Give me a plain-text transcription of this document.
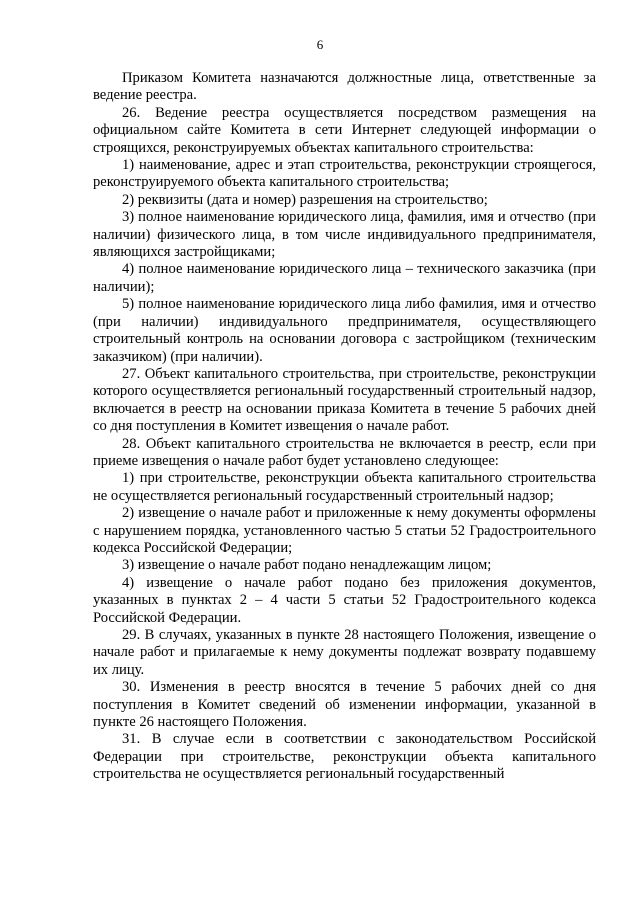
6

Приказом Комитета назначаются должностные лица, ответственные за ведение реестра.

26. Ведение реестра осуществляется посредством размещения на официальном сайте Комитета в сети Интернет следующей информации о строящихся, реконструируемых объектах капитального строительства:

1) наименование, адрес и этап строительства, реконструкции строящегося, реконструируемого объекта капитального строительства;

2) реквизиты (дата и номер) разрешения на строительство;

3) полное наименование юридического лица, фамилия, имя и отчество (при наличии) физического лица, в том числе индивидуального предпринимателя, являющихся застройщиками;

4) полное наименование юридического лица – технического заказчика (при наличии);

5) полное наименование юридического лица либо фамилия, имя и отчество (при наличии) индивидуального предпринимателя, осуществляющего строительный контроль на основании договора с застройщиком (техническим заказчиком) (при наличии).

27. Объект капитального строительства, при строительстве, реконструкции которого осуществляется региональный государственный строительный надзор, включается в реестр на основании приказа Комитета в течение 5 рабочих дней со дня поступления в Комитет извещения о начале работ.

28. Объект капитального строительства не включается в реестр, если при приеме извещения о начале работ будет установлено следующее:

1) при строительстве, реконструкции объекта капитального строительства не осуществляется региональный государственный строительный надзор;

2) извещение о начале работ и приложенные к нему документы оформлены с нарушением порядка, установленного частью 5 статьи 52 Градостроительного кодекса Российской Федерации;

3) извещение о начале работ подано ненадлежащим лицом;

4) извещение о начале работ подано без приложения документов, указанных в пунктах 2 – 4 части 5 статьи 52 Градостроительного кодекса Российской Федерации.

29. В случаях, указанных в пункте 28 настоящего Положения, извещение о начале работ и прилагаемые к нему документы подлежат возврату подавшему их лицу.

30. Изменения в реестр вносятся в течение 5 рабочих дней со дня поступления в Комитет сведений об изменении информации, указанной в пункте 26 настоящего Положения.

31. В случае если в соответствии с законодательством Российской Федерации при строительстве, реконструкции объекта капитального строительства не осуществляется региональный государственный
